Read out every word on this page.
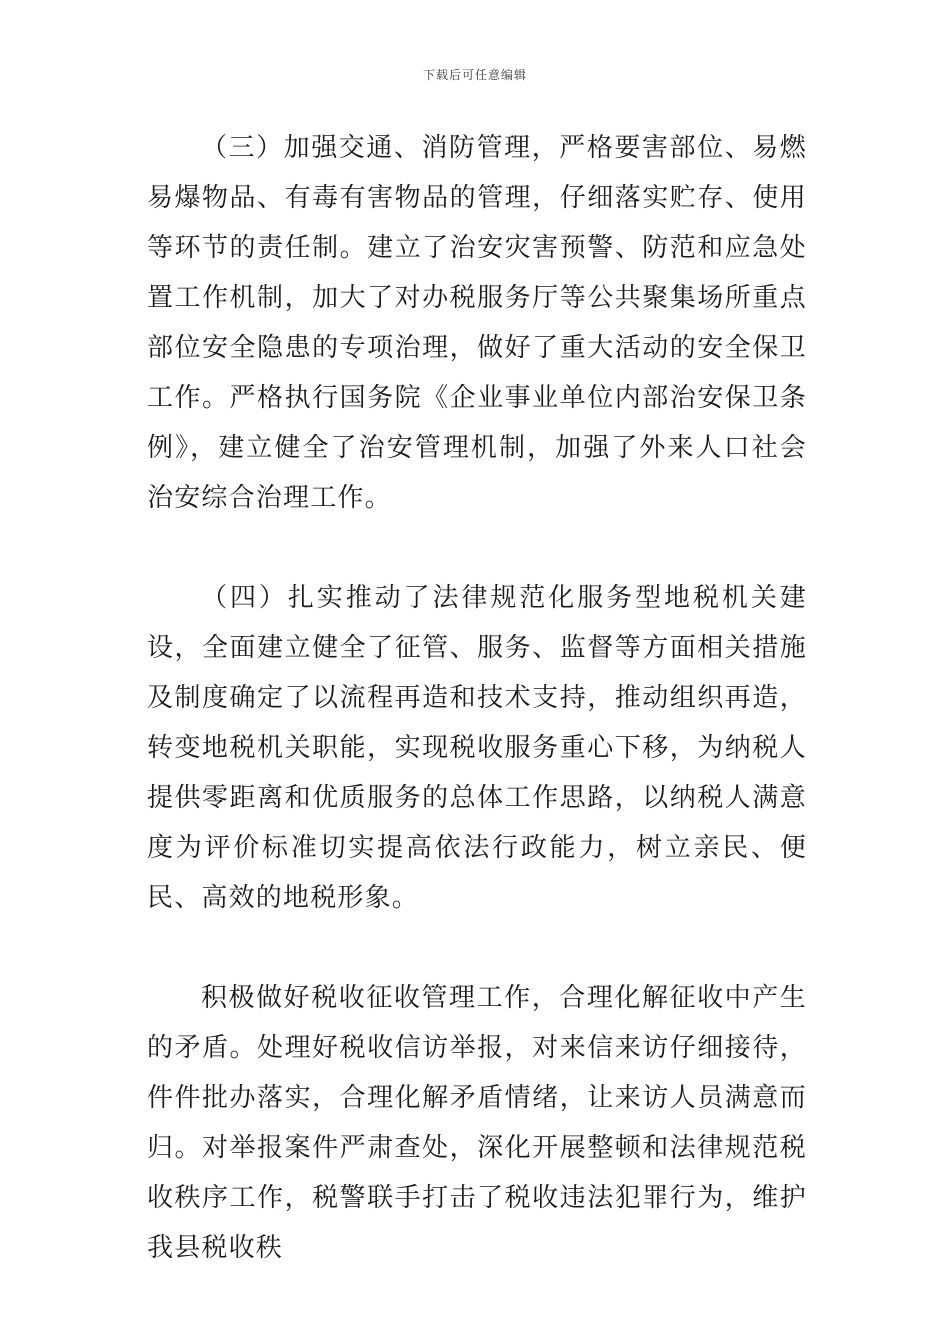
下载后可任意编辑

（三）加强交通、消防管理，严格要害部位、易燃易爆物品、有毒有害物品的管理，仔细落实贮存、使用等环节的责任制。建立了治安灾害预警、防范和应急处置工作机制，加大了对办税服务厅等公共聚集场所重点部位安全隐患的专项治理，做好了重大活动的安全保卫工作。严格执行国务院《企业事业单位内部治安保卫条例》，建立健全了治安管理机制，加强了外来人口社会治安综合治理工作。

（四）扎实推动了法律规范化服务型地税机关建设，全面建立健全了征管、服务、监督等方面相关措施及制度确定了以流程再造和技术支持，推动组织再造，转变地税机关职能，实现税收服务重心下移，为纳税人提供零距离和优质服务的总体工作思路，以纳税人满意度为评价标准切实提高依法行政能力，树立亲民、便民、高效的地税形象。

积极做好税收征收管理工作，合理化解征收中产生的矛盾。处理好税收信访举报，对来信来访仔细接待，件件批办落实，合理化解矛盾情绪，让来访人员满意而归。对举报案件严肃查处，深化开展整顿和法律规范税收秩序工作，税警联手打击了税收违法犯罪行为，维护我县税收秩
